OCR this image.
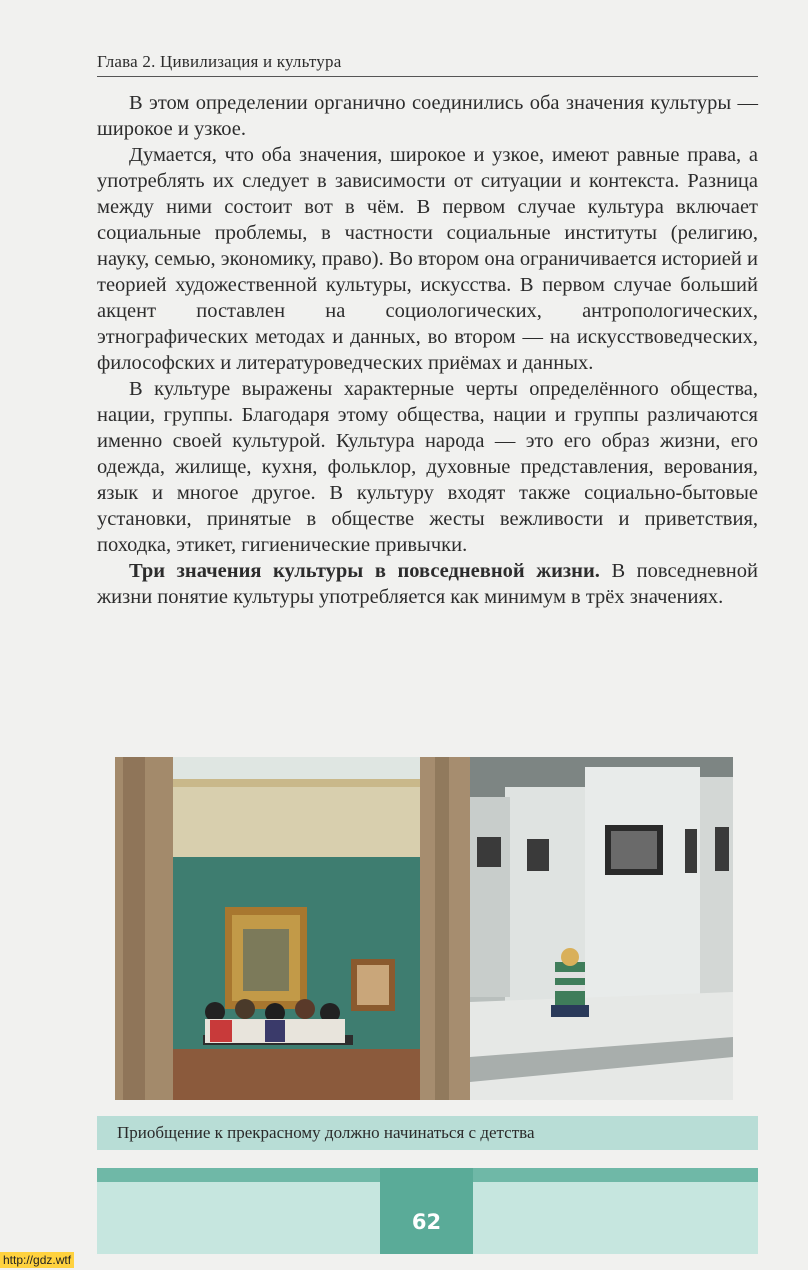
Глава 2. Цивилизация и культура

В этом определении органично соединились оба значения культуры — широкое и узкое.

Думается, что оба значения, широкое и узкое, имеют равные права, а употреблять их следует в зависимости от ситуации и контекста. Разница между ними состоит вот в чём. В первом случае культура включает социальные проблемы, в частности социальные институты (религию, науку, семью, экономику, право). Во втором она ограничивается историей и теорией художественной культуры, искусства. В первом случае больший акцент поставлен на социологических, антропологических, этнографических методах и данных, во втором — на искусствоведческих, философских и литературоведческих приёмах и данных.

В культуре выражены характерные черты определённого общества, нации, группы. Благодаря этому общества, нации и группы различаются именно своей культурой. Культура народа — это его образ жизни, его одежда, жилище, кухня, фольклор, духовные представления, верования, язык и многое другое. В культуру входят также социально-бытовые установки, принятые в обществе жесты вежливости и приветствия, походка, этикет, гигиенические привычки.

Три значения культуры в повседневной жизни. В повседневной жизни понятие культуры употребляется как минимум в трёх значениях.

Приобщение к прекрасному должно начинаться с детства
62
http://gdz.wtf
